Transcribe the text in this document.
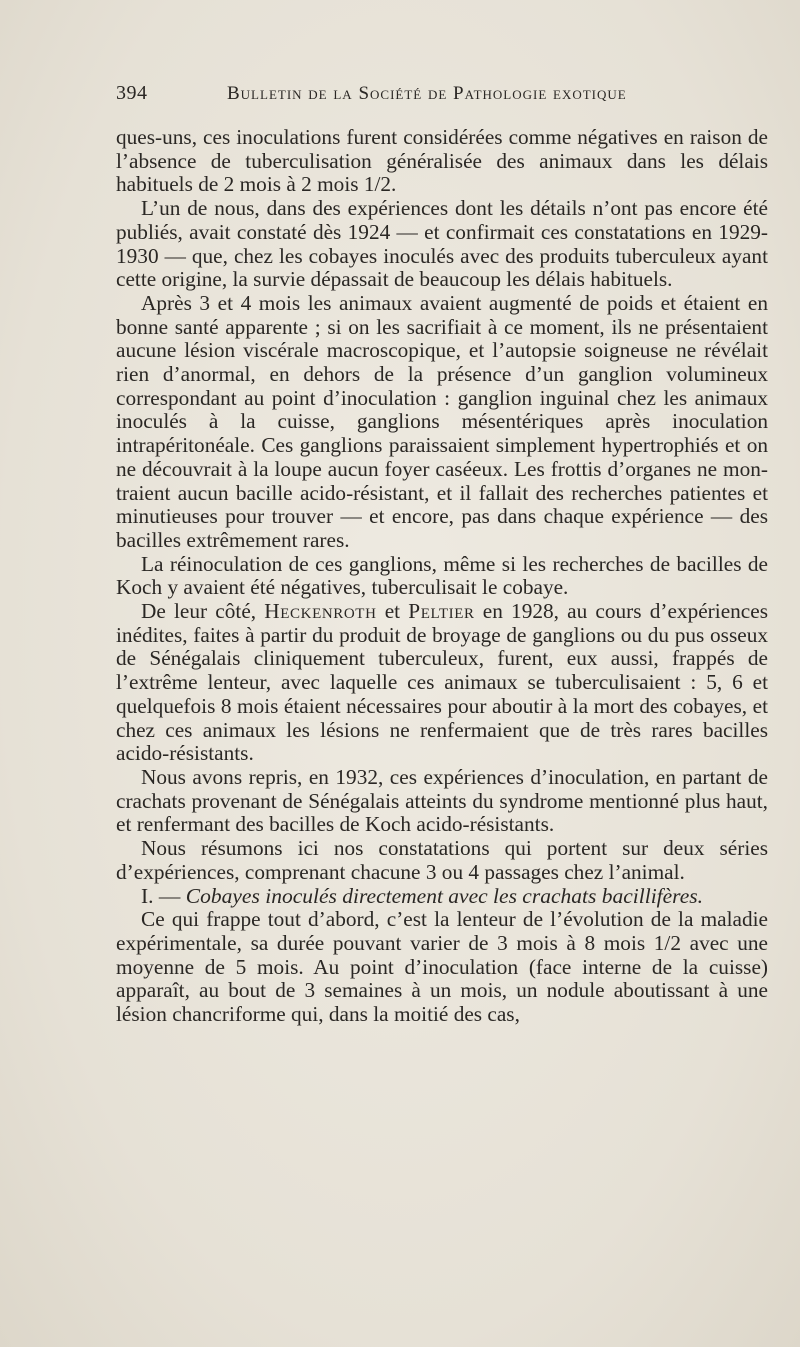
394	Bulletin de la Société de Pathologie exotique

ques-uns, ces inoculations furent considérées comme négatives en raison de l’absence de tuberculisation généralisée des animaux dans les délais habituels de 2 mois à 2 mois 1/2.

L’un de nous, dans des expériences dont les détails n’ont pas encore été publiés, avait constaté dès 1924 — et confirmait ces constatations en 1929-1930 — que, chez les cobayes inoculés avec des produits tuberculeux ayant cette origine, la survie dépassait de beaucoup les délais habituels.

Après 3 et 4 mois les animaux avaient augmenté de poids et étaient en bonne santé apparente ; si on les sacrifiait à ce moment, ils ne présentaient aucune lésion viscérale macroscopique, et l’autopsie soigneuse ne révélait rien d’anormal, en dehors de la présence d’un ganglion volumineux correspondant au point d’inoculation : ganglion inguinal chez les animaux inoculés à la cuisse, ganglions mésentériques après inoculation intrapéritonéale. Ces ganglions paraissaient simplement hypertrophiés et on ne découvrait à la loupe aucun foyer caséeux. Les frottis d’organes ne montraient aucun bacille acido-résistant, et il fallait des recherches patientes et minutieuses pour trouver — et encore, pas dans chaque expérience — des bacilles extrêmement rares.

La réinoculation de ces ganglions, même si les recherches de bacilles de Koch y avaient été négatives, tuberculisait le cobaye.

De leur côté, Heckenroth et Peltier en 1928, au cours d’expériences inédites, faites à partir du produit de broyage de ganglions ou du pus osseux de Sénégalais cliniquement tuberculeux, furent, eux aussi, frappés de l’extrême lenteur, avec laquelle ces animaux se tuberculisaient : 5, 6 et quelquefois 8 mois étaient nécessaires pour aboutir à la mort des cobayes, et chez ces animaux les lésions ne renfermaient que de très rares bacilles acido-résistants.

Nous avons repris, en 1932, ces expériences d’inoculation, en partant de crachats provenant de Sénégalais atteints du syndrome mentionné plus haut, et renfermant des bacilles de Koch acido-résistants.

Nous résumons ici nos constatations qui portent sur deux séries d’expériences, comprenant chacune 3 ou 4 passages chez l’animal.

I. — Cobayes inoculés directement avec les crachats bacillifères.

Ce qui frappe tout d’abord, c’est la lenteur de l’évolution de la maladie expérimentale, sa durée pouvant varier de 3 mois à 8 mois 1/2 avec une moyenne de 5 mois. Au point d’inoculation (face interne de la cuisse) apparaît, au bout de 3 semaines à un mois, un nodule aboutissant à une lésion chancriforme qui, dans la moitié des cas,
